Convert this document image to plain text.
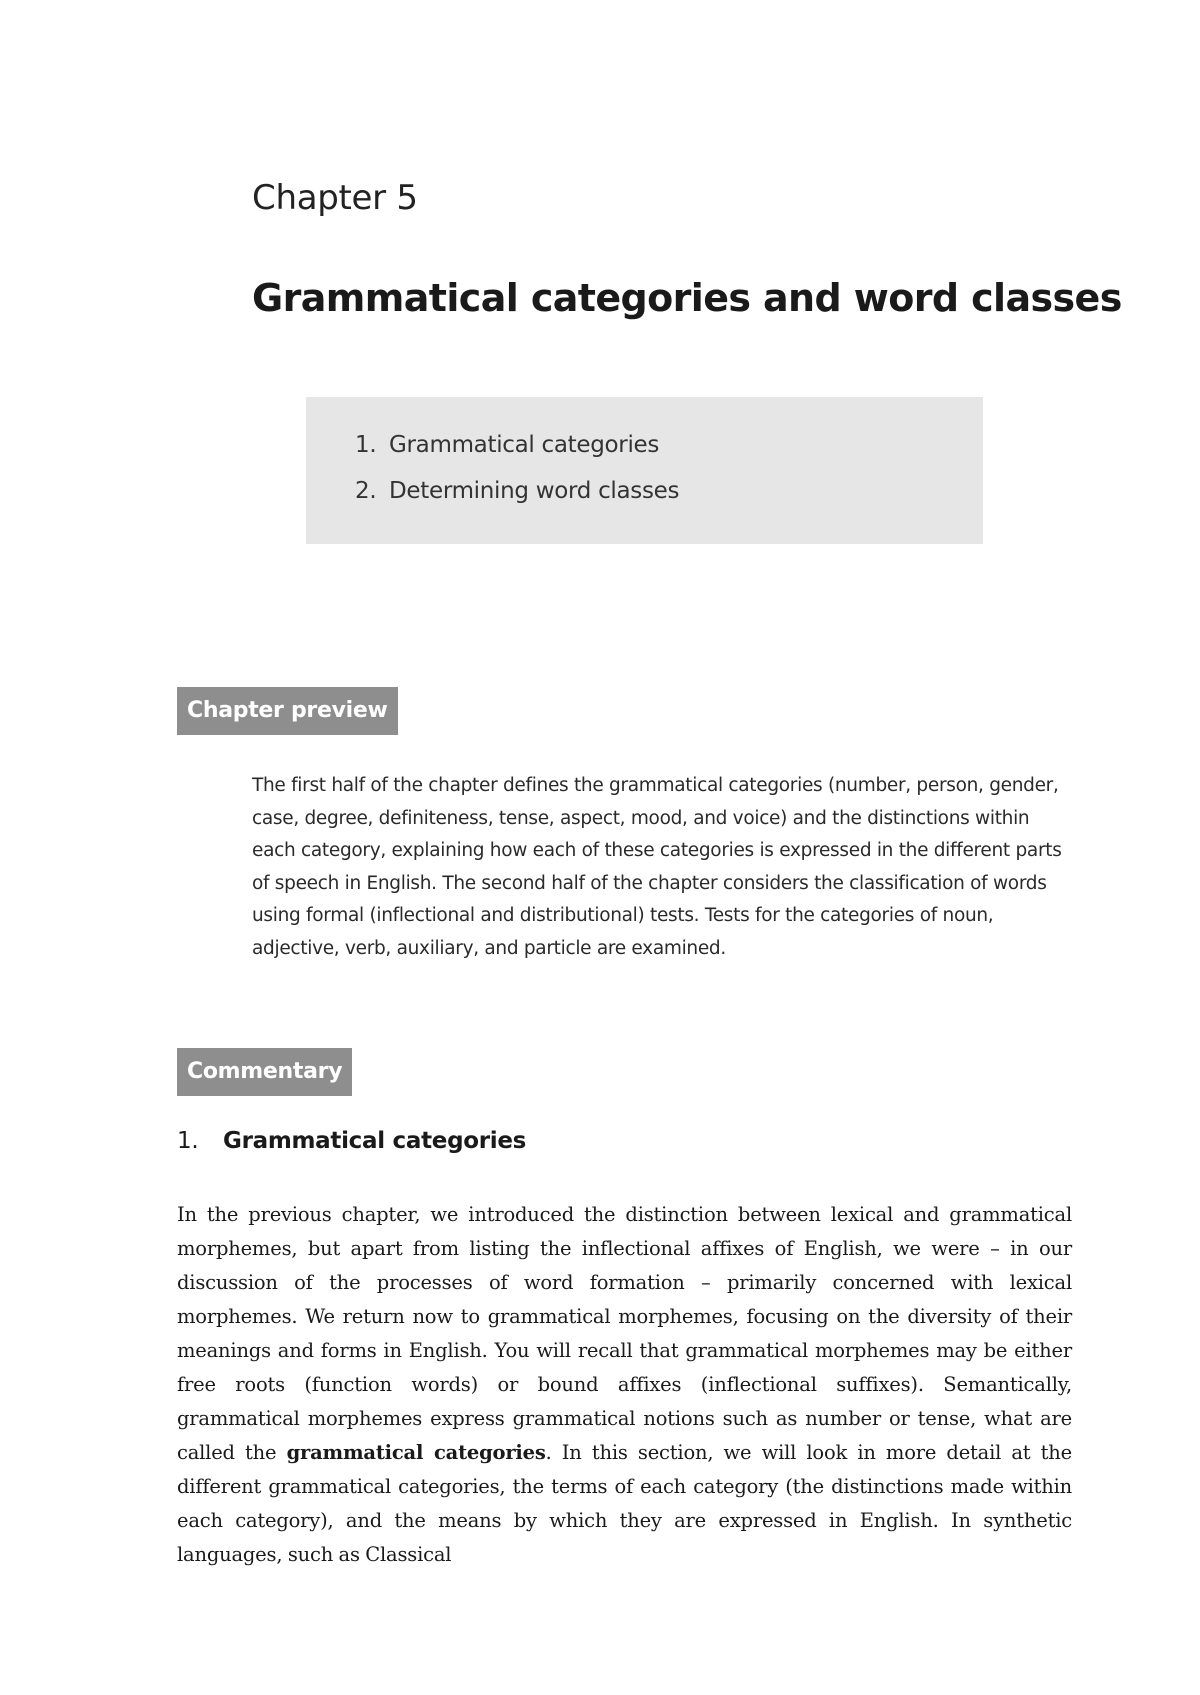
Chapter 5
Grammatical categories and word classes
1. Grammatical categories
2. Determining word classes
Chapter preview

The first half of the chapter defines the grammatical categories (number, person, gender, case, degree, definiteness, tense, aspect, mood, and voice) and the distinctions within each category, explaining how each of these categories is expressed in the different parts of speech in English. The second half of the chapter considers the classification of words using formal (inflectional and distributional) tests. Tests for the categories of noun, adjective, verb, auxiliary, and particle are examined.

Commentary
1. Grammatical categories

In the previous chapter, we introduced the distinction between lexical and grammatical morphemes, but apart from listing the inflectional affixes of English, we were – in our discussion of the processes of word formation – primarily concerned with lexical morphemes. We return now to grammatical morphemes, focusing on the diversity of their meanings and forms in English. You will recall that grammatical morphemes may be either free roots (function words) or bound affixes (inflectional suffixes). Semantically, grammatical morphemes express grammatical notions such as number or tense, what are called the grammatical categories. In this section, we will look in more detail at the different grammatical categories, the terms of each category (the distinctions made within each category), and the means by which they are expressed in English. In synthetic languages, such as Classical
